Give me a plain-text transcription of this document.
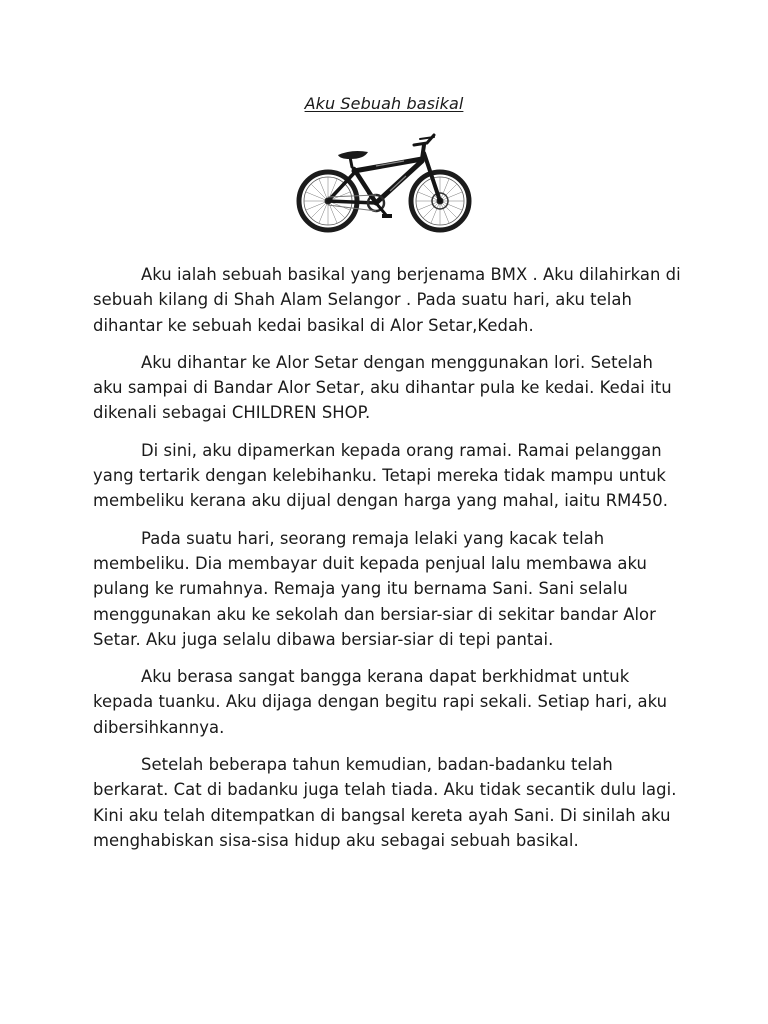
Aku Sebuah basikal

Aku ialah sebuah basikal yang berjenama BMX . Aku dilahirkan di sebuah kilang di Shah Alam Selangor . Pada suatu hari, aku telah dihantar ke sebuah kedai basikal di Alor Setar,Kedah.

Aku dihantar ke Alor Setar dengan menggunakan lori. Setelah aku sampai di Bandar Alor Setar, aku dihantar pula ke kedai. Kedai itu dikenali sebagai CHILDREN SHOP.

Di sini, aku dipamerkan kepada orang ramai. Ramai pelanggan yang tertarik dengan kelebihanku. Tetapi mereka tidak mampu untuk membeliku kerana aku dijual dengan harga yang mahal, iaitu RM450.

Pada suatu hari, seorang remaja lelaki yang kacak telah membeliku. Dia membayar duit kepada penjual lalu membawa aku pulang ke rumahnya. Remaja yang itu bernama Sani. Sani selalu menggunakan aku ke sekolah dan bersiar-siar di sekitar bandar Alor Setar. Aku juga selalu dibawa bersiar-siar di tepi pantai.

Aku berasa sangat bangga kerana dapat berkhidmat untuk kepada tuanku. Aku dijaga dengan begitu rapi sekali. Setiap hari, aku dibersihkannya.

Setelah beberapa tahun kemudian, badan-badanku telah berkarat. Cat di badanku juga telah tiada. Aku tidak secantik dulu lagi. Kini aku telah ditempatkan di bangsal kereta ayah Sani. Di sinilah aku menghabiskan sisa-sisa hidup aku sebagai sebuah basikal.
